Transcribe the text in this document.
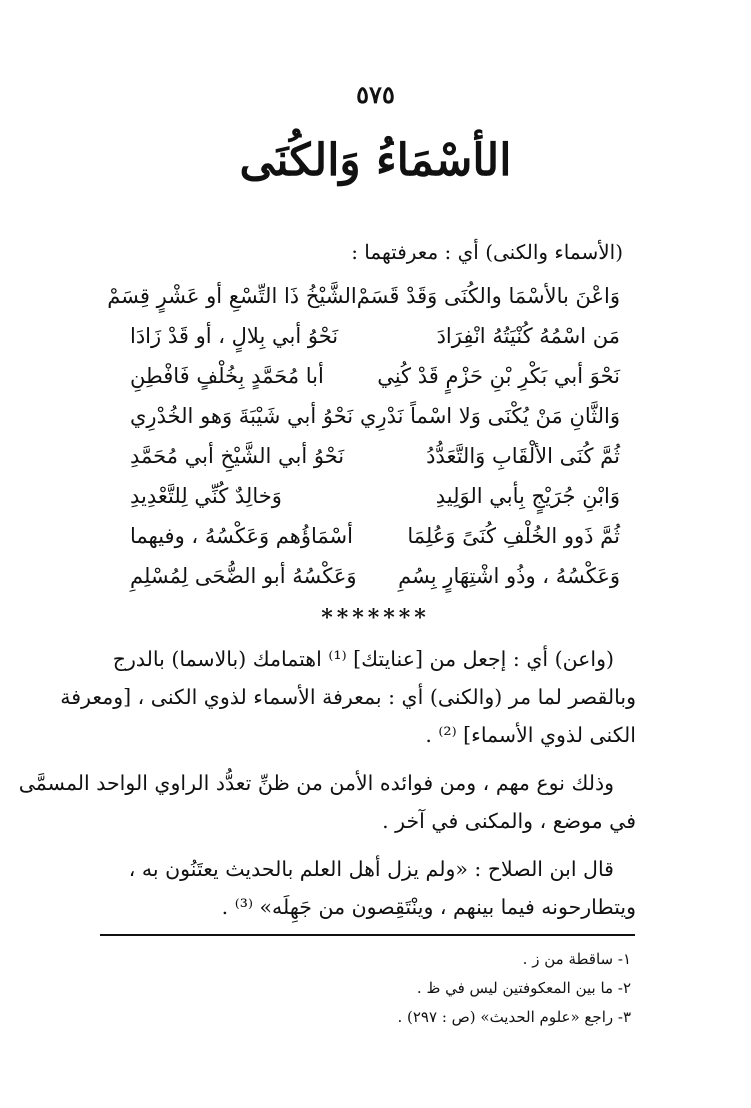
٥٧٥
الأسْمَاءُ وَالكُنَى
(الأسماء والكنى) أي : معرفتهما :
وَاعْنَ بالأسْمَا والكُنَى وَقَدْ قَسَمْ
الشَّيْخُ ذَا التِّسْعِ أو عَشْرٍ قِسَمْ
مَن اسْمُهُ كُنْيَتُهُ انْفِرَادَ
نَحْوُ أبي بِلالٍ ، أو قَدْ زَادَا
نَحْوَ أبي بَكْرِ بْنِ حَزْمٍ قَدْ كُنِي
أبا مُحَمَّدٍ بِخُلْفٍ فَافْطِنِ
وَالثَّانِ مَنْ يُكْنَى وَلا اسْماً نَدْرِي
نَحْوُ أبي شَيْبَةَ وَهو الخُدْرِي
ثُمَّ كُنَى الألْقَابِ وَالتَّعَدُّدُ
نَحْوُ أبي الشَّيْخِ أبي مُحَمَّدِ
وَابْنِ جُرَيْجٍ بِأبي الوَلِيدِ
وَخالِدٌ كُنِّي لِلتَّعْدِيدِ
ثُمَّ ذَوو الخُلْفِ كُنَىً وَعُلِمَا
أسْمَاؤُهم وَعَكْسُهُ ، وفيهما
وَعَكْسُهُ ، وذُو اشْتِهَارٍ بِسُمِ
وَعَكْسُهُ أبو الضُّحَى لِمُسْلِمِ
*******

(واعن) أي : إجعل من [عنايتك] ⁽¹⁾ اهتمامك (بالاسما) بالدرج
وبالقصر لما مر (والكنى) أي : بمعرفة الأسماء لذوي الكنى ، [ومعرفة
الكنى لذوي الأسماء] ⁽²⁾ .

وذلك نوع مهم ، ومن فوائده الأمن من ظنِّ تعدُّد الراوي الواحد المسمَّى
في موضع ، والمكنى في آخر .

قال ابن الصلاح : «ولم يزل أهل العلم بالحديث يعتَنُون به ،
ويتطارحونه فيما بينهم ، وينْتَقِصون من جَهِلَه» ⁽³⁾ .

١- ساقطة من ز .
٢- ما بين المعكوفتين ليس في ظ .
٣- راجع «علوم الحديث» (ص : ٢٩٧) .
